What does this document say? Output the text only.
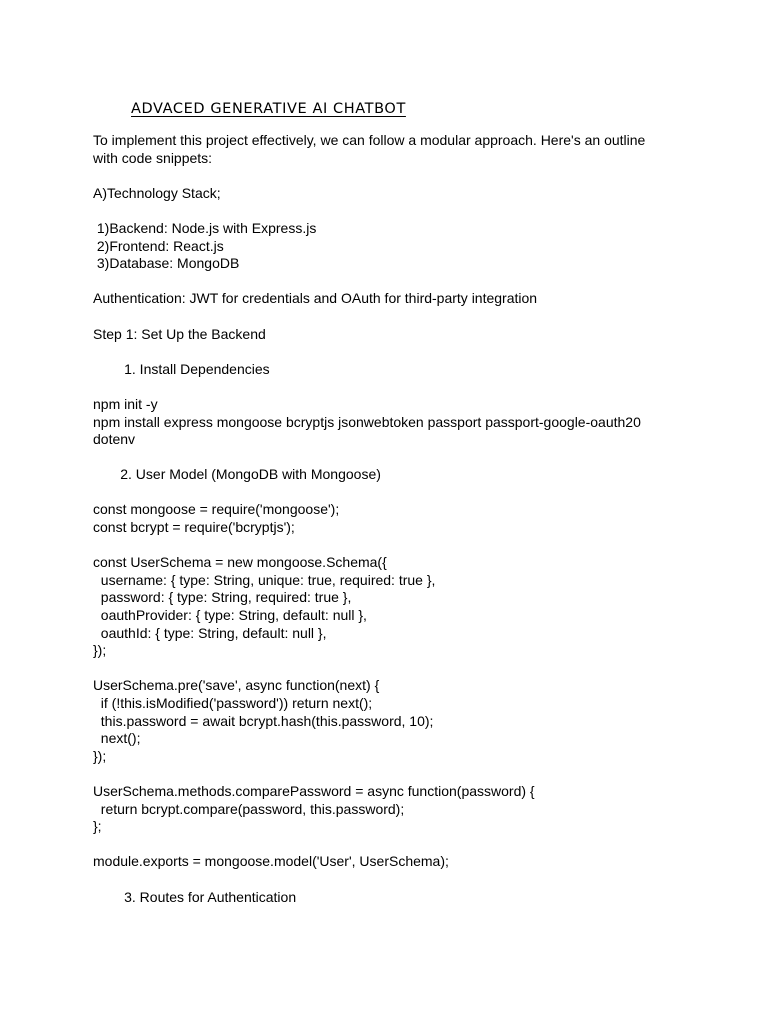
ADVACED GENERATIVE AI CHATBOT

To implement this project effectively, we can follow a modular approach. Here's an outline with code snippets:

A)Technology Stack;

1)Backend: Node.js with Express.js

2)Frontend: React.js

3)Database: MongoDB

Authentication: JWT for credentials and OAuth for third-party integration

Step 1: Set Up the Backend

1. Install Dependencies

npm init -y

npm install express mongoose bcryptjs jsonwebtoken passport passport-google-oauth20

dotenv

2. User Model (MongoDB with Mongoose)

const mongoose = require('mongoose');

const bcrypt = require('bcryptjs');

const UserSchema = new mongoose.Schema({

username: { type: String, unique: true, required: true },

password: { type: String, required: true },

oauthProvider: { type: String, default: null },

oauthId: { type: String, default: null },

});

UserSchema.pre('save', async function(next) {

if (!this.isModified('password')) return next();

this.password = await bcrypt.hash(this.password, 10);

next();

});

UserSchema.methods.comparePassword = async function(password) {

return bcrypt.compare(password, this.password);

};

module.exports = mongoose.model('User', UserSchema);

3. Routes for Authentication
